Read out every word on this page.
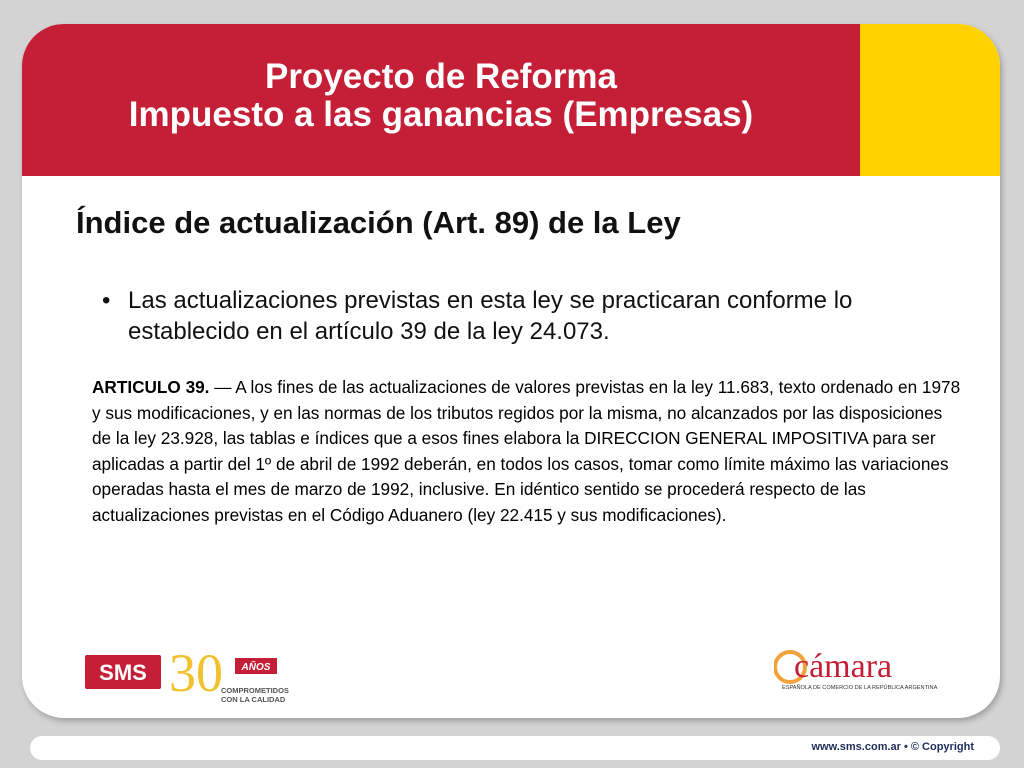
Proyecto de Reforma
Impuesto a las ganancias (Empresas)
Índice de actualización (Art. 89) de la Ley
• Las actualizaciones previstas en esta ley se practicaran conforme lo establecido en el artículo 39 de la ley 24.073.
ARTICULO 39. — A los fines de las actualizaciones de valores previstas en la ley 11.683, texto ordenado en 1978 y sus modificaciones, y en las normas de los tributos regidos por la misma, no alcanzados por las disposiciones de la ley 23.928, las tablas e índices que a esos fines elabora la DIRECCION GENERAL IMPOSITIVA para ser aplicadas a partir del 1º de abril de 1992 deberán, en todos los casos, tomar como límite máximo las variaciones operadas hasta el mes de marzo de 1992, inclusive. En idéntico sentido se procederá respecto de las actualizaciones previstas en el Código Aduanero (ley 22.415 y sus modificaciones).
SMS 30 AÑOS
COMPROMETIDOS
CON LA CALIDAD
cámara
ESPAÑOLA DE COMERCIO DE LA REPÚBLICA ARGENTINA
www.sms.com.ar • © Copyright
